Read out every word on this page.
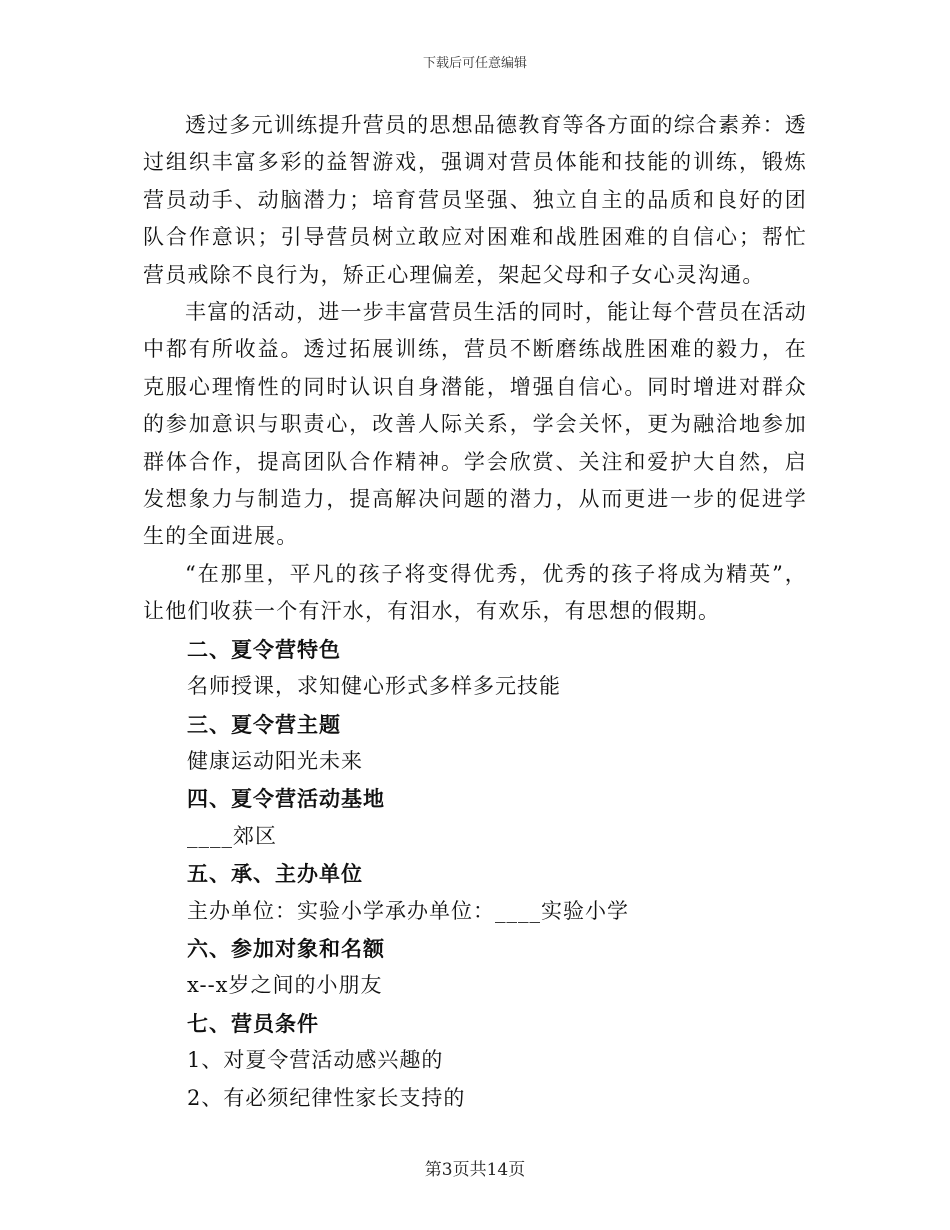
下载后可任意编辑

透过多元训练提升营员的思想品德教育等各方面的综合素养：透过组织丰富多彩的益智游戏，强调对营员体能和技能的训练，锻炼营员动手、动脑潜力；培育营员坚强、独立自主的品质和良好的团队合作意识；引导营员树立敢应对困难和战胜困难的自信心；帮忙营员戒除不良行为，矫正心理偏差，架起父母和子女心灵沟通。

丰富的活动，进一步丰富营员生活的同时，能让每个营员在活动中都有所收益。透过拓展训练，营员不断磨练战胜困难的毅力，在克服心理惰性的同时认识自身潜能，增强自信心。同时增进对群众的参加意识与职责心，改善人际关系，学会关怀，更为融洽地参加群体合作，提高团队合作精神。学会欣赏、关注和爱护大自然，启发想象力与制造力，提高解决问题的潜力，从而更进一步的促进学生的全面进展。

“在那里，平凡的孩子将变得优秀，优秀的孩子将成为精英”，让他们收获一个有汗水，有泪水，有欢乐，有思想的假期。

二、夏令营特色

名师授课，求知健心形式多样多元技能

三、夏令营主题

健康运动阳光未来

四、夏令营活动基地

____郊区

五、承、主办单位

主办单位：实验小学承办单位：____实验小学

六、参加对象和名额

x--x岁之间的小朋友

七、营员条件

1、对夏令营活动感兴趣的

2、有必须纪律性家长支持的

第3页共14页
